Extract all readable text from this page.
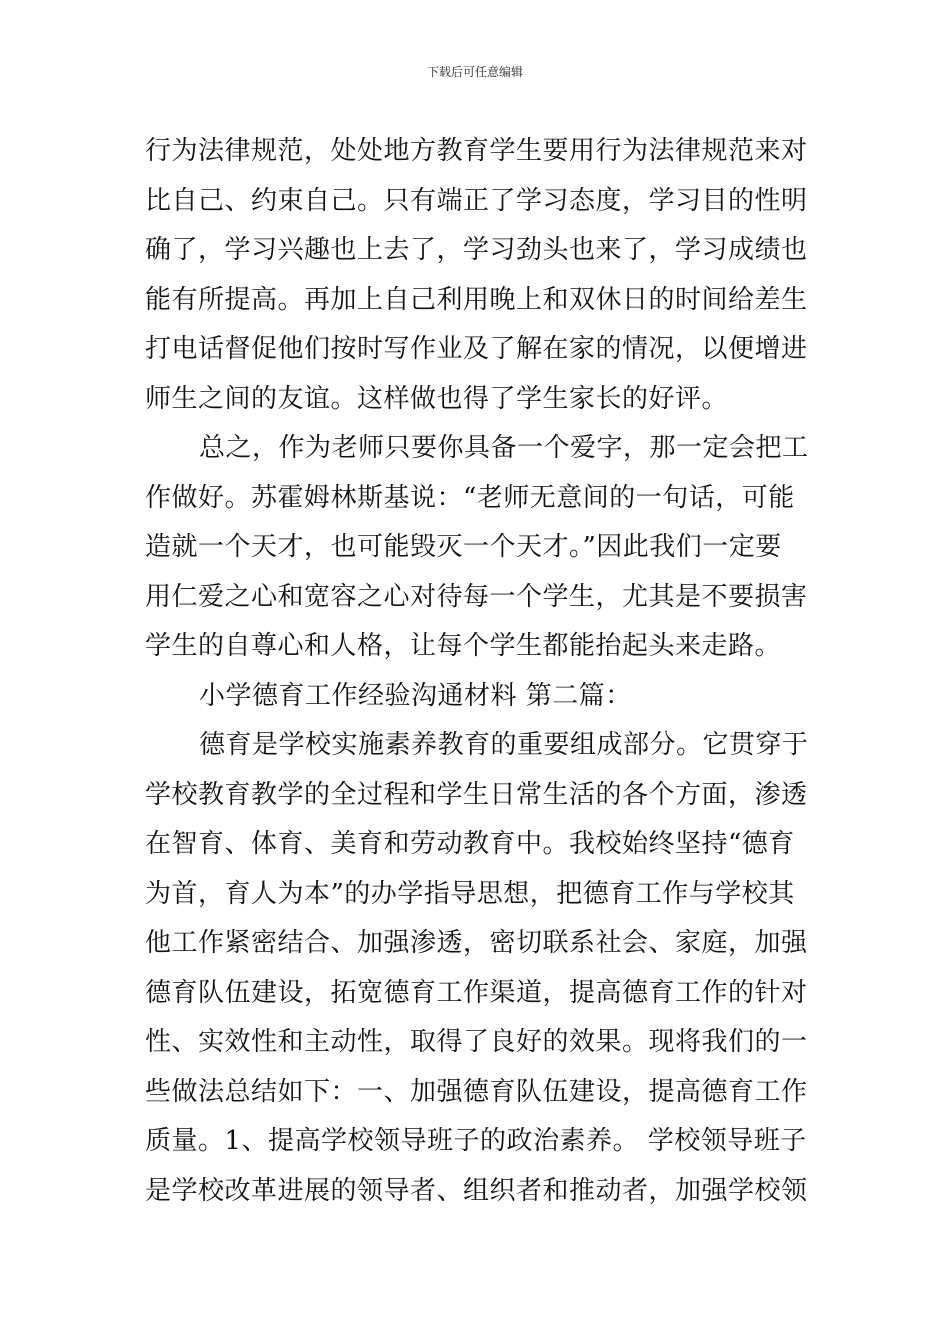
下载后可任意编辑
行为法律规范，处处地方教育学生要用行为法律规范来对
比自己、约束自己。只有端正了学习态度，学习目的性明
确了，学习兴趣也上去了，学习劲头也来了，学习成绩也
能有所提高。再加上自己利用晚上和双休日的时间给差生
打电话督促他们按时写作业及了解在家的情况，以便增进
师生之间的友谊。这样做也得了学生家长的好评。
总之，作为老师只要你具备一个爱字，那一定会把工
作做好。苏霍姆林斯基说：“老师无意间的一句话，可能
造就一个天才，也可能毁灭一个天才。”因此我们一定要
用仁爱之心和宽容之心对待每一个学生，尤其是不要损害
学生的自尊心和人格，让每个学生都能抬起头来走路。
小学德育工作经验沟通材料 第二篇：
德育是学校实施素养教育的重要组成部分。它贯穿于
学校教育教学的全过程和学生日常生活的各个方面，渗透
在智育、体育、美育和劳动教育中。我校始终坚持“德育
为首，育人为本”的办学指导思想，把德育工作与学校其
他工作紧密结合、加强渗透，密切联系社会、家庭，加强
德育队伍建设，拓宽德育工作渠道，提高德育工作的针对
性、实效性和主动性，取得了良好的效果。现将我们的一
些做法总结如下：一、加强德育队伍建设，提高德育工作
质量。1、提高学校领导班子的政治素养。 学校领导班子
是学校改革进展的领导者、组织者和推动者，加强学校领
